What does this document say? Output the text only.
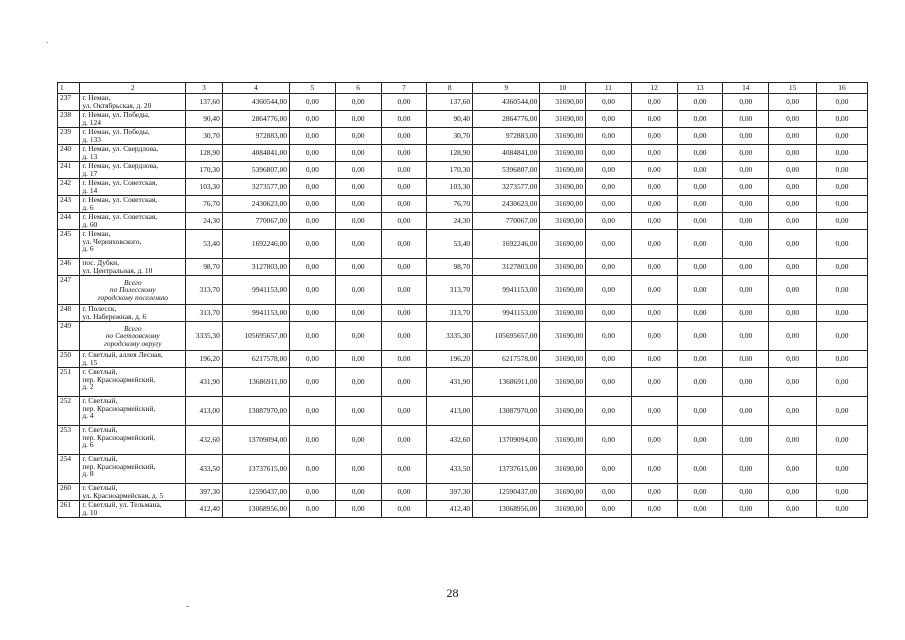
1	2	3	4	5	6	7	8	9	10	11	12	13	14	15	16
237	г. Неман,
ул. Октябрьская, д. 20	137,60	4360544,00	0,00	0,00	0,00	137,60	4360544,00	31690,00	0,00	0,00	0,00	0,00	0,00	0,00
238	г. Неман, ул. Победы,
д. 124	90,40	2864776,00	0,00	0,00	0,00	90,40	2864776,00	31690,00	0,00	0,00	0,00	0,00	0,00	0,00
239	г. Неман, ул. Победы,
д. 133	30,70	972883,00	0,00	0,00	0,00	30,70	972883,00	31690,00	0,00	0,00	0,00	0,00	0,00	0,00
240	г. Неман, ул. Свердлова,
д. 13	128,90	4084841,00	0,00	0,00	0,00	128,90	4084841,00	31690,00	0,00	0,00	0,00	0,00	0,00	0,00
241	г. Неман, ул. Свердлова,
д. 17	170,30	5396807,00	0,00	0,00	0,00	170,30	5396807,00	31690,00	0,00	0,00	0,00	0,00	0,00	0,00
242	г. Неман, ул. Советская,
д. 14	103,30	3273577,00	0,00	0,00	0,00	103,30	3273577,00	31690,00	0,00	0,00	0,00	0,00	0,00	0,00
243	г. Неман, ул. Советская,
д. 6	76,70	2430623,00	0,00	0,00	0,00	76,70	2430623,00	31690,00	0,00	0,00	0,00	0,00	0,00	0,00
244	г. Неман, ул. Советская,
д. 60	24,30	770067,00	0,00	0,00	0,00	24,30	770067,00	31690,00	0,00	0,00	0,00	0,00	0,00	0,00
245	г. Неман,
ул. Черняховского,
д. 6	53,40	1692246,00	0,00	0,00	0,00	53,40	1692246,00	31690,00	0,00	0,00	0,00	0,00	0,00	0,00
246	пос. Дубки,
ул. Центральная, д. 10	98,70	3127803,00	0,00	0,00	0,00	98,70	3127803,00	31690,00	0,00	0,00	0,00	0,00	0,00	0,00
247	Всего
по Полесскому
городскому поселению	313,70	9941153,00	0,00	0,00	0,00	313,70	9941153,00	31690,00	0,00	0,00	0,00	0,00	0,00	0,00
248	г. Полесск,
ул. Набережная, д. 6	313,70	9941153,00	0,00	0,00	0,00	313,70	9941153,00	31690,00	0,00	0,00	0,00	0,00	0,00	0,00
249	Всего
по Светловскому
городскому округу	3335,30	105695657,00	0,00	0,00	0,00	3335,30	105695657,00	31690,00	0,00	0,00	0,00	0,00	0,00	0,00
250	г. Светлый, аллея Лесная,
д. 15	196,20	6217578,00	0,00	0,00	0,00	196,20	6217578,00	31690,00	0,00	0,00	0,00	0,00	0,00	0,00
251	г. Светлый,
пер. Красноармейский,
д. 2	431,90	13686911,00	0,00	0,00	0,00	431,90	13686911,00	31690,00	0,00	0,00	0,00	0,00	0,00	0,00
252	г. Светлый,
пер. Красноармейский,
д. 4	413,00	13087970,00	0,00	0,00	0,00	413,00	13087970,00	31690,00	0,00	0,00	0,00	0,00	0,00	0,00
253	г. Светлый,
пер. Красноармейский,
д. 6	432,60	13709094,00	0,00	0,00	0,00	432,60	13709094,00	31690,00	0,00	0,00	0,00	0,00	0,00	0,00
254	г. Светлый,
пер. Красноармейский,
д. 8	433,50	13737615,00	0,00	0,00	0,00	433,50	13737615,00	31690,00	0,00	0,00	0,00	0,00	0,00	0,00
260	г. Светлый,
ул. Красноармейская, д. 5	397,30	12590437,00	0,00	0,00	0,00	397,30	12590437,00	31690,00	0,00	0,00	0,00	0,00	0,00	0,00
261	г. Светлый, ул. Тельмана,
д. 10	412,40	13068956,00	0,00	0,00	0,00	412,40	13068956,00	31690,00	0,00	0,00	0,00	0,00	0,00	0,00
28
